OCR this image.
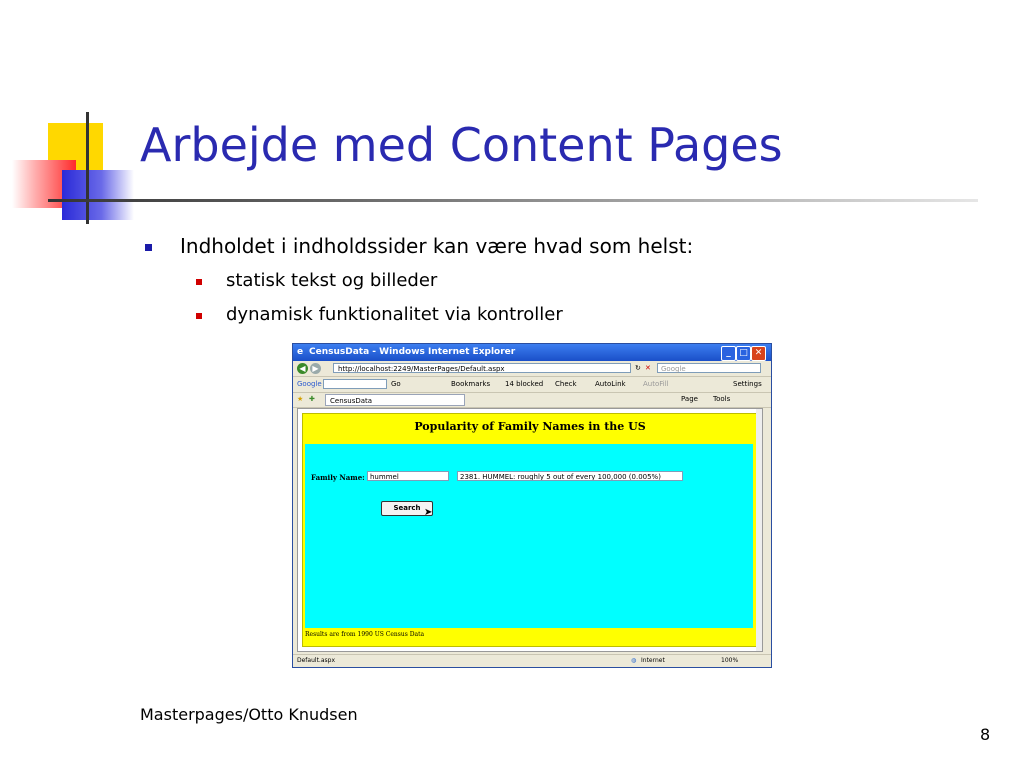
Arbejde med Content Pages
Indholdet i indholdssider kan være hvad som helst:
statisk tekst og billeder
dynamisk funktionalitet via kontroller
e CensusData - Windows Internet Explorer	_ □ ✕
◀ ▶	http://localhost:2249/MasterPages/Default.aspx	↻ ✕	Google
Google	Go	Bookmarks 14 blocked Check	AutoLink AutoFill	Settings
★ ✚	CensusData	Page Tools
Popularity of Family Names in the US
Family Name: hummel	2381. HUMMEL: roughly 5 out of every 100,000 (0.005%)
Search ➤
Results are from 1990 US Census Data
Default.aspx	◍ Internet	100%
Masterpages/Otto Knudsen
8
